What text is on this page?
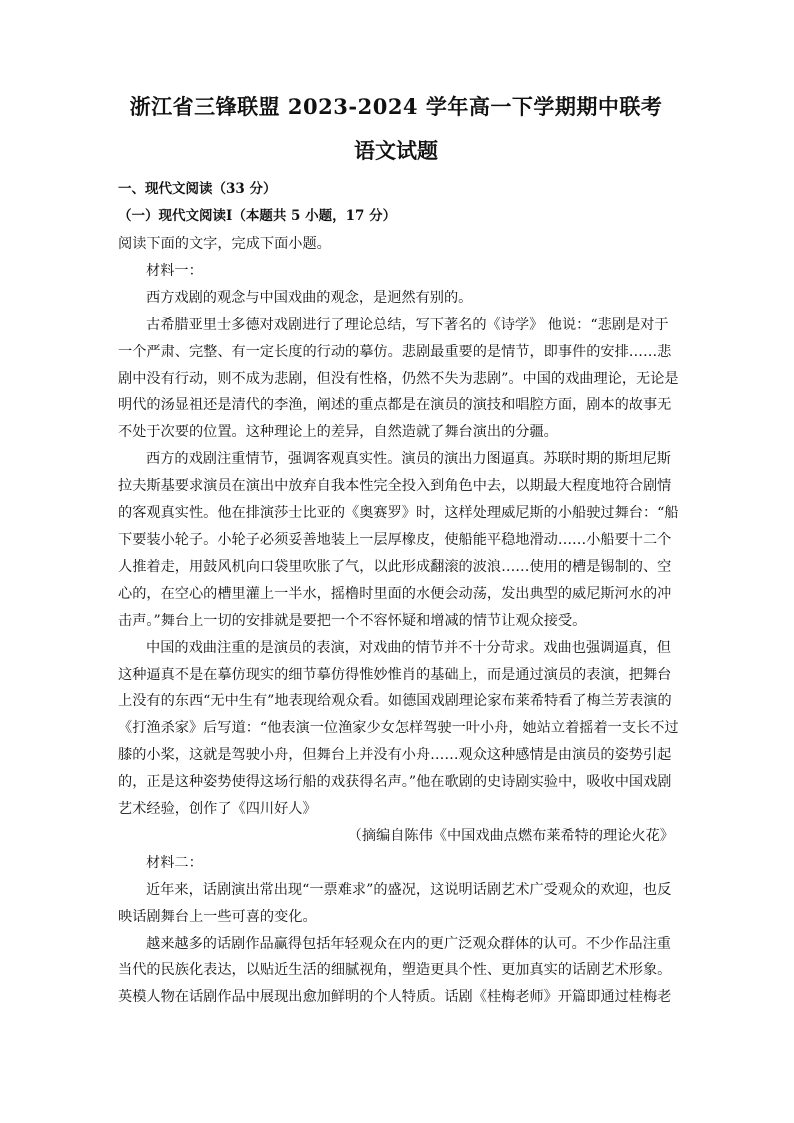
浙江省三锋联盟 2023-2024 学年高一下学期期中联考
语文试题

一、现代文阅读（33 分）

（一）现代文阅读Ⅰ（本题共 5 小题，17 分）

阅读下面的文字，完成下面小题。

材料一：

西方戏剧的观念与中国戏曲的观念，是迥然有别的。

古希腊亚里士多德对戏剧进行了理论总结，写下著名的《诗学》 他说：“悲剧是对于

一个严肃、完整、有一定长度的行动的摹仿。悲剧最重要的是情节，即事件的安排……悲

剧中没有行动，则不成为悲剧，但没有性格，仍然不失为悲剧”。中国的戏曲理论，无论是

明代的汤显祖还是清代的李渔，阐述的重点都是在演员的演技和唱腔方面，剧本的故事无

不处于次要的位置。这种理论上的差异，自然造就了舞台演出的分疆。

西方的戏剧注重情节，强调客观真实性。演员的演出力图逼真。苏联时期的斯坦尼斯

拉夫斯基要求演员在演出中放弃自我本性完全投入到角色中去，以期最大程度地符合剧情

的客观真实性。他在排演莎士比亚的《奥赛罗》时，这样处理威尼斯的小船驶过舞台：“船

下要装小轮子。小轮子必须妥善地装上一层厚橡皮，使船能平稳地滑动……小船要十二个

人推着走，用鼓风机向口袋里吹胀了气，以此形成翻滚的波浪……使用的槽是锡制的、空

心的，在空心的槽里灌上一半水，摇橹时里面的水便会动荡，发出典型的威尼斯河水的冲

击声。”舞台上一切的安排就是要把一个不容怀疑和增减的情节让观众接受。

中国的戏曲注重的是演员的表演，对戏曲的情节并不十分苛求。戏曲也强调逼真，但

这种逼真不是在摹仿现实的细节摹仿得惟妙惟肖的基础上，而是通过演员的表演，把舞台

上没有的东西“无中生有”地表现给观众看。如德国戏剧理论家布莱希特看了梅兰芳表演的

《打渔杀家》后写道：“他表演一位渔家少女怎样驾驶一叶小舟，她站立着摇着一支长不过

膝的小桨，这就是驾驶小舟，但舞台上并没有小舟……观众这种感情是由演员的姿势引起

的，正是这种姿势使得这场行船的戏获得名声。”他在歌剧的史诗剧实验中，吸收中国戏剧

艺术经验，创作了《四川好人》

（摘编自陈伟《中国戏曲点燃布莱希特的理论火花》

材料二：

近年来，话剧演出常出现“一票难求”的盛况，这说明话剧艺术广受观众的欢迎，也反

映话剧舞台上一些可喜的变化。

越来越多的话剧作品赢得包括年轻观众在内的更广泛观众群体的认可。不少作品注重

当代的民族化表达，以贴近生活的细腻视角，塑造更具个性、更加真实的话剧艺术形象。

英模人物在话剧作品中展现出愈加鲜明的个人特质。话剧《桂梅老师》开篇即通过桂梅老
